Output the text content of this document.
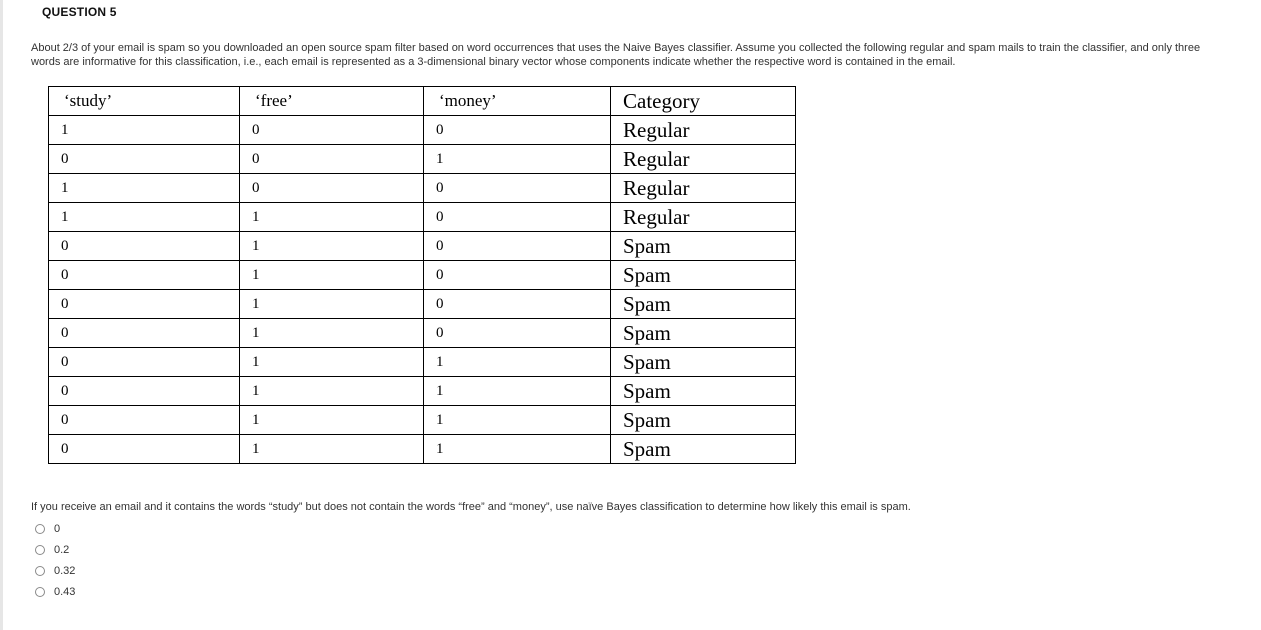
QUESTION 5
About 2/3 of your email is spam so you downloaded an open source spam filter based on word occurrences that uses the Naive Bayes classifier. Assume you collected the following regular and spam mails to train the classifier, and only three words are informative for this classification, i.e., each email is represented as a 3-dimensional binary vector whose components indicate whether the respective word is contained in the email.
‘study’	‘free’	‘money’	Category
1	0	0	Regular
0	0	1	Regular
1	0	0	Regular
1	1	0	Regular
0	1	0	Spam
0	1	0	Spam
0	1	0	Spam
0	1	0	Spam
0	1	1	Spam
0	1	1	Spam
0	1	1	Spam
0	1	1	Spam
If you receive an email and it contains the words “study” but does not contain the words “free” and “money”, use naïve Bayes classification to determine how likely this email is spam.
0
0.2
0.32
0.43
